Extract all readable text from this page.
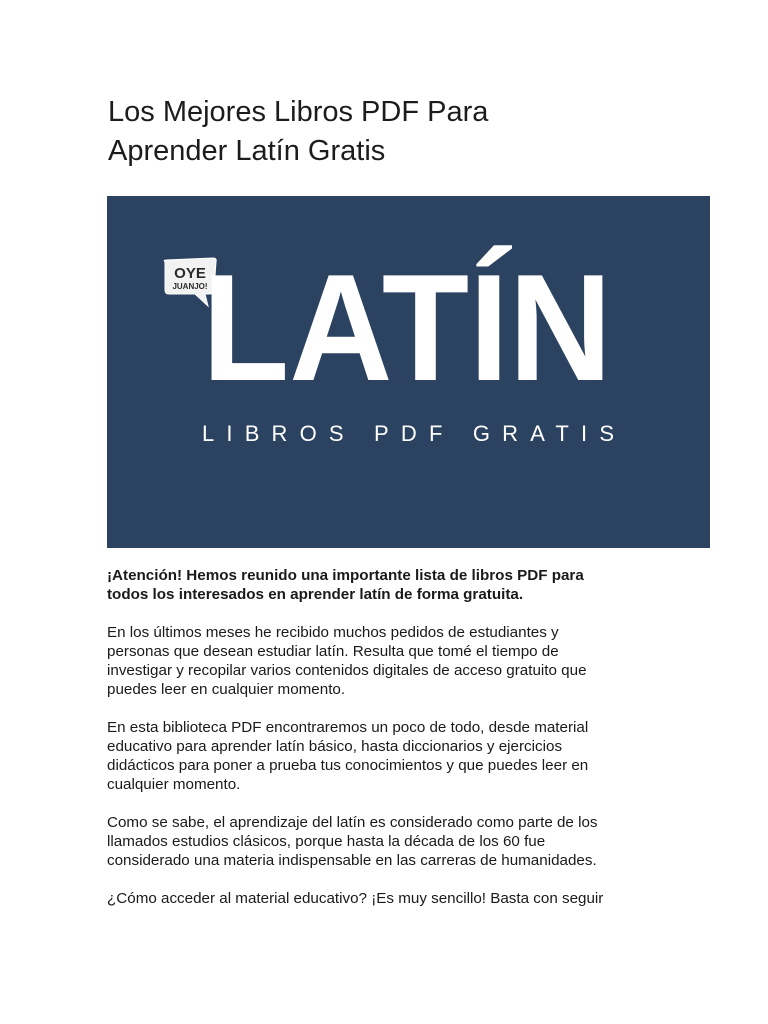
Los Mejores Libros PDF Para
Aprender Latín Gratis
OYE
JUANJO!
LATÍN
LIBROS PDF GRATIS

¡Atención! Hemos reunido una importante lista de libros PDF para
todos los interesados en aprender latín de forma gratuita.

En los últimos meses he recibido muchos pedidos de estudiantes y
personas que desean estudiar latín. Resulta que tomé el tiempo de
investigar y recopilar varios contenidos digitales de acceso gratuito que
puedes leer en cualquier momento.

En esta biblioteca PDF encontraremos un poco de todo, desde material
educativo para aprender latín básico, hasta diccionarios y ejercicios
didácticos para poner a prueba tus conocimientos y que puedes leer en
cualquier momento.

Como se sabe, el aprendizaje del latín es considerado como parte de los
llamados estudios clásicos, porque hasta la década de los 60 fue
considerado una materia indispensable en las carreras de humanidades.

¿Cómo acceder al material educativo? ¡Es muy sencillo! Basta con seguir
